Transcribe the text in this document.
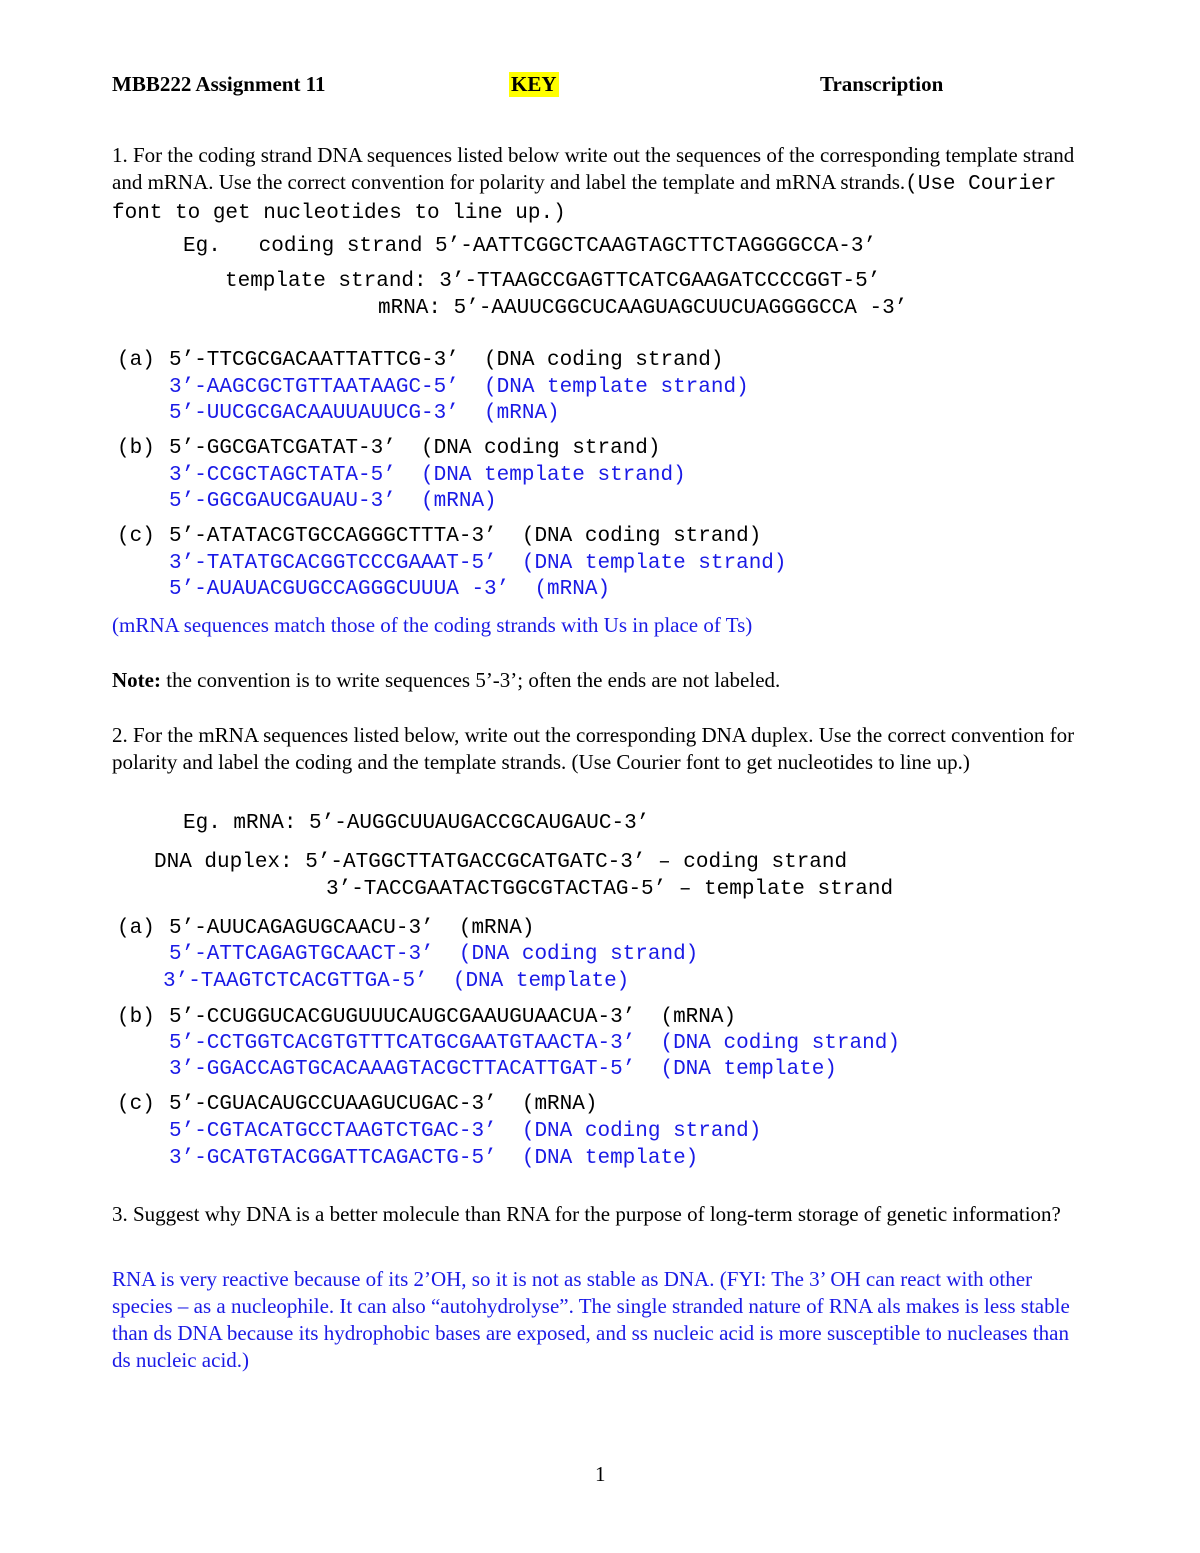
MBB222 Assignment 11	KEY	Transcription
1. For the coding strand DNA sequences listed below write out the sequences of the corresponding template strand and mRNA. Use the correct convention for polarity and label the template and mRNA strands.(Use Courier font to get nucleotides to line up.)
Eg.   coding strand 5’-AATTCGGCTCAAGTAGCTTCTAGGGGCCA-3’
template strand: 3’-TTAAGCCGAGTTCATCGAAGATCCCCGGT-5’
mRNA: 5’-AAUUCGGCUCAAGUAGCUUCUAGGGGCCA -3’
(a) 5’-TTCGCGACAATTATTCG-3’  (DNA coding strand)
3’-AAGCGCTGTTAATAAGC-5’  (DNA template strand)
5’-UUCGCGACAAUUAUUCG-3’  (mRNA)
(b) 5’-GGCGATCGATAT-3’  (DNA coding strand)
3’-CCGCTAGCTATA-5’  (DNA template strand)
5’-GGCGAUCGAUAU-3’  (mRNA)
(c) 5’-ATATACGTGCCAGGGCTTTA-3’  (DNA coding strand)
3’-TATATGCACGGTCCCGAAAT-5’  (DNA template strand)
5’-AUAUACGUGCCAGGGCUUUA -3’  (mRNA)
(mRNA sequences match those of the coding strands with Us in place of Ts)
Note: the convention is to write sequences 5’-3’; often the ends are not labeled.
2. For the mRNA sequences listed below, write out the corresponding DNA duplex. Use the correct convention for polarity and label the coding and the template strands. (Use Courier font to get nucleotides to line up.)
Eg. mRNA: 5’-AUGGCUUAUGACCGCAUGAUC-3’
DNA duplex: 5’-ATGGCTTATGACCGCATGATC-3’ – coding strand
3’-TACCGAATACTGGCGTACTAG-5’ – template strand
(a) 5’-AUUCAGAGUGCAACU-3’  (mRNA)
5’-ATTCAGAGTGCAACT-3’  (DNA coding strand)
3’-TAAGTCTCACGTTGA-5’  (DNA template)
(b) 5’-CCUGGUCACGUGUUUCAUGCGAAUGUAACUA-3’  (mRNA)
5’-CCTGGTCACGTGTTTCATGCGAATGTAACTA-3’  (DNA coding strand)
3’-GGACCAGTGCACAAAGTACGCTTACATTGAT-5’  (DNA template)
(c) 5’-CGUACAUGCCUAAGUCUGAC-3’  (mRNA)
5’-CGTACATGCCTAAGTCTGAC-3’  (DNA coding strand)
3’-GCATGTACGGATTCAGACTG-5’  (DNA template)
3. Suggest why DNA is a better molecule than RNA for the purpose of long-term storage of genetic information?
RNA is very reactive because of its 2’OH, so it is not as stable as DNA. (FYI: The 3’ OH can react with other species – as a nucleophile. It can also “autohydrolyse”. The single stranded nature of RNA als makes is less stable than ds DNA because its hydrophobic bases are exposed, and ss nucleic acid is more susceptible to nucleases than ds nucleic acid.)
1
